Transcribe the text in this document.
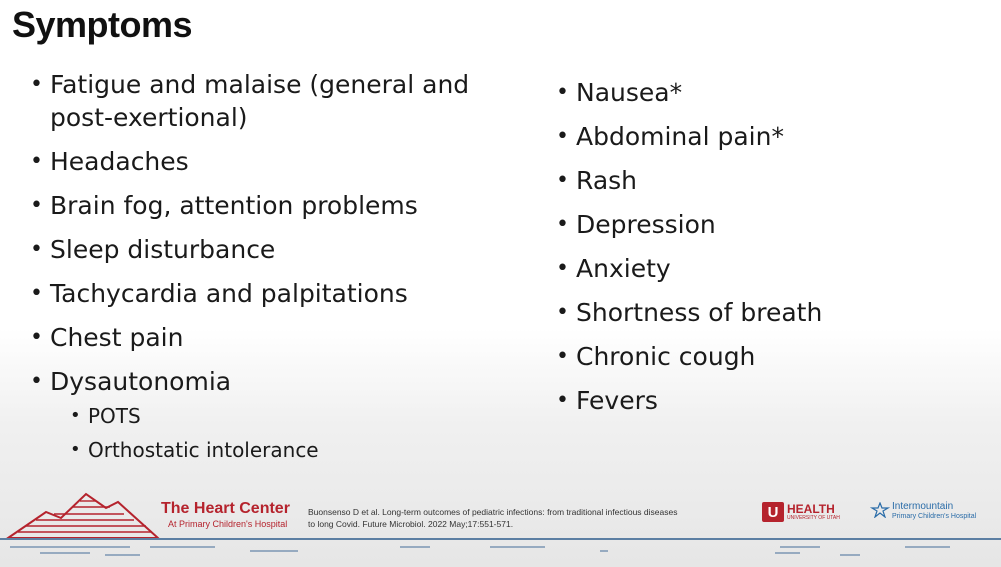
Symptoms
• Fatigue and malaise (general and post-exertional)
• Headaches
• Brain fog, attention problems
• Sleep disturbance
• Tachycardia and palpitations
• Chest pain
• Dysautonomia
• POTS
• Orthostatic intolerance
• Nausea*
• Abdominal pain*
• Rash
• Depression
• Anxiety
• Shortness of breath
• Chronic cough
• Fevers
The Heart Center
At Primary Children's Hospital
Buonsenso D et al. Long-term outcomes of pediatric infections: from traditional infectious diseases
to long Covid. Future Microbiol. 2022 May;17:551-571.
U HEALTH
UNIVERSITY OF UTAH
Intermountain
Primary Children's Hospital
